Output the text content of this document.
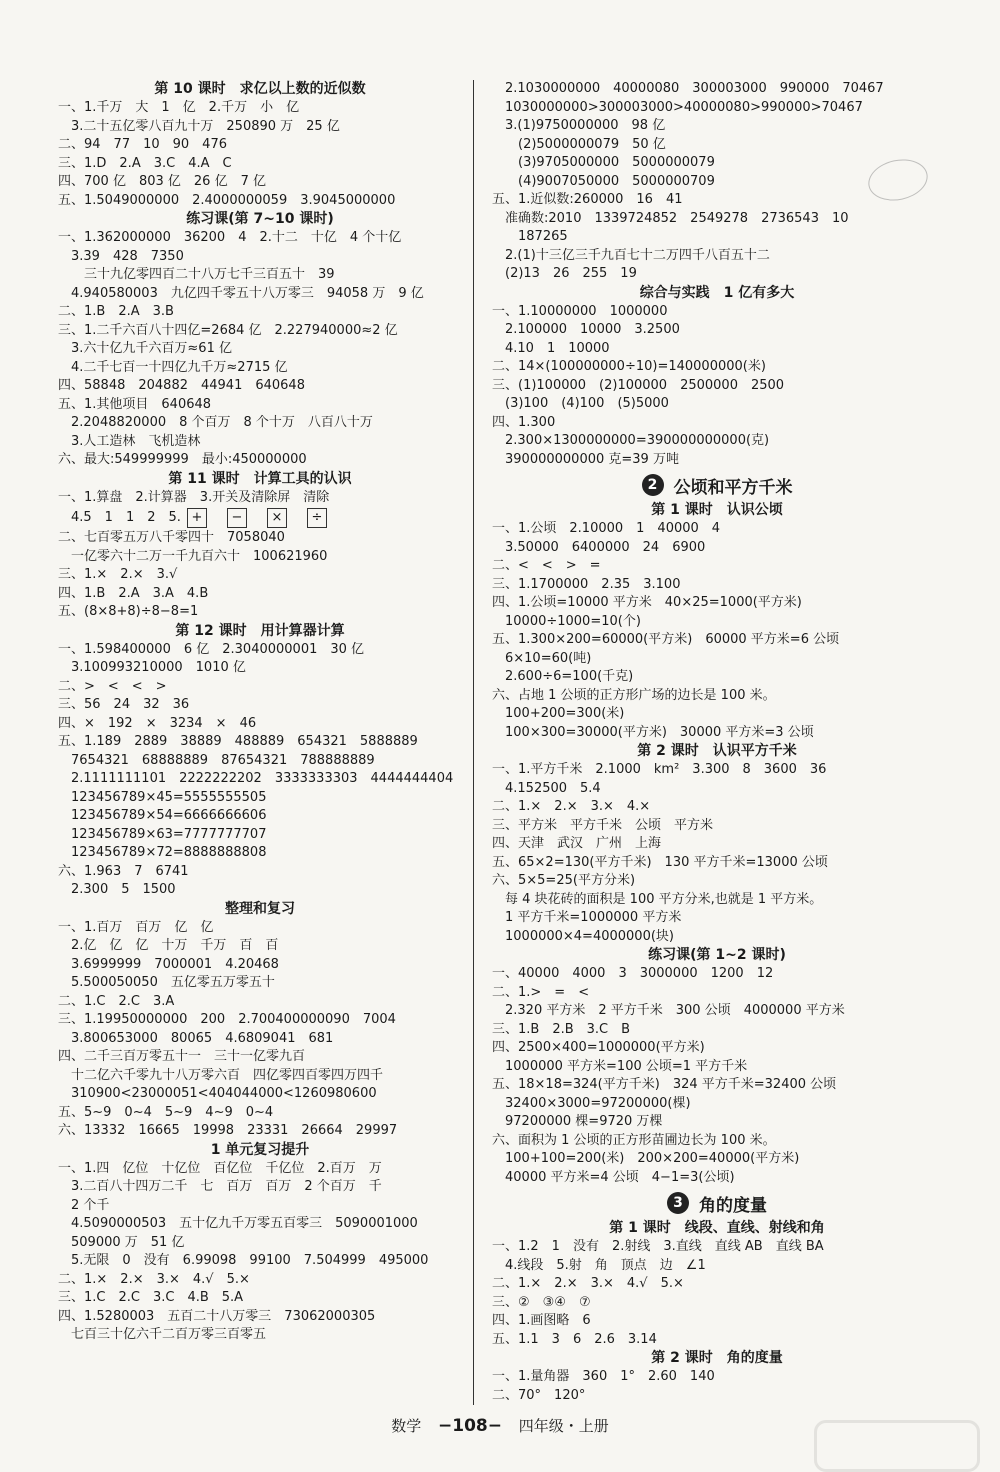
第 10 课时　求亿以上数的近似数
一、1.千万　大　1　亿　2.千万　小　亿
　3.二十五亿零八百九十万　250890 万　25 亿
二、94　77　10　90　476
三、1.D　2.A　3.C　4.A　C
四、700 亿　803 亿　26 亿　7 亿
五、1.5049000000　2.4000000059　3.9045000000
练习课(第 7~10 课时)
一、1.362000000　36200　4　2.十二　十亿　4 个十亿
　3.39　428　7350
　　三十九亿零四百二十八万七千三百五十　39
　4.940580003　九亿四千零五十八万零三　94058 万　9 亿
二、1.B　2.A　3.B
三、1.二千六百八十四亿=2684 亿　2.227940000≈2 亿
　3.六十亿九千六百万≈61 亿
　4.二千七百一十四亿九千万≈2715 亿
四、58848　204882　44941　640648
五、1.其他项目　640648
　2.2048820000　8 个百万　8 个十万　八百八十万
　3.人工造林　飞机造林
六、最大:549999999　最小:450000000
第 11 课时　计算工具的认识
一、1.算盘　2.计算器　3.开关及清除屏　清除
　4.5　1　1　2　5. +	−	×	÷
二、七百零五万八千零四十　7058040
　一亿零六十二万一千九百六十　100621960
三、1.×　2.×　3.√
四、1.B　2.A　3.A　4.B
五、(8×8+8)÷8−8=1
第 12 课时　用计算器计算
一、1.598400000　6 亿　2.3040000001　30 亿
　3.100993210000　1010 亿
二、>　<　<　>
三、56　24　32　36
四、×　192　×　3234　×　46
五、1.189　2889　38889　488889　654321　5888889
　7654321　68888889　87654321　788888889
　2.1111111101　2222222202　3333333303　4444444404
　123456789×45=5555555505
　123456789×54=6666666606
　123456789×63=7777777707
　123456789×72=8888888808
六、1.963　7　6741
　2.300　5　1500
整理和复习
一、1.百万　百万　亿　亿
　2.亿　亿　亿　十万　千万　百　百
　3.6999999　7000001　4.20468
　5.500050050　五亿零五万零五十
二、1.C　2.C　3.A
三、1.19950000000　200　2.700400000090　7004
　3.800653000　80065　4.6809041　681
四、二千三百万零五十一　三十一亿零九百
　十二亿六千零九十八万零六百　四亿零四百零四万四千
　310900<23000051<404044000<1260980600
五、5~9　0~4　5~9　4~9　0~4
六、13332　16665　19998　23331　26664　29997
1 单元复习提升
一、1.四　亿位　十亿位　百亿位　千亿位　2.百万　万
　3.二百八十四万二千　七　百万　百万　2 个百万　千
　2 个千
　4.5090000503　五十亿九千万零五百零三　5090001000
　509000 万　51 亿
　5.无限　0　没有　6.99098　99100　7.504999　495000
二、1.×　2.×　3.×　4.√　5.×
三、1.C　2.C　3.C　4.B　5.A
四、1.5280003　五百二十八万零三　73062000305
　七百三十亿六千二百万零三百零五
　2.1030000000　40000080　300003000　990000　70467
　1030000000>300003000>40000080>990000>70467
　3.(1)9750000000　98 亿
　　(2)5000000079　50 亿
　　(3)9705000000　5000000079
　　(4)9007050000　5000000709
五、1.近似数:260000　16　41
　准确数:2010　1339724852　2549278　2736543　10
　　187265
　2.(1)十三亿三千九百七十二万四千八百五十二
　(2)13　26　255　19
综合与实践　1 亿有多大
一、1.10000000　1000000
　2.100000　10000　3.2500
　4.10　1　10000
二、14×(100000000÷10)=140000000(米)
三、(1)100000　(2)100000　2500000　2500
　(3)100　(4)100　(5)5000
四、1.300
　2.300×1300000000=390000000000(克)
　390000000000 克=39 万吨
2 公顷和平方千米
第 1 课时　认识公顷
一、1.公顷　2.10000　1　40000　4
　3.50000　6400000　24　6900
二、<　<　>　=
三、1.1700000　2.35　3.100
四、1.公顷=10000 平方米　40×25=1000(平方米)
　10000÷1000=10(个)
五、1.300×200=60000(平方米)　60000 平方米=6 公顷
　6×10=60(吨)
　2.600÷6=100(千克)
六、占地 1 公顷的正方形广场的边长是 100 米。
　100+200=300(米)
　100×300=30000(平方米)　30000 平方米=3 公顷
第 2 课时　认识平方千米
一、1.平方千米　2.1000　km²　3.300　8　3600　36
　4.152500　5.4
二、1.×　2.×　3.×　4.×
三、平方米　平方千米　公顷　平方米
四、天津　武汉　广州　上海
五、65×2=130(平方千米)　130 平方千米=13000 公顷
六、5×5=25(平方分米)
　每 4 块花砖的面积是 100 平方分米,也就是 1 平方米。
　1 平方千米=1000000 平方米
　1000000×4=4000000(块)
练习课(第 1~2 课时)
一、40000　4000　3　3000000　1200　12
二、1.>　=　<
　2.320 平方米　2 平方千米　300 公顷　4000000 平方米
三、1.B　2.B　3.C　B
四、2500×400=1000000(平方米)
　1000000 平方米=100 公顷=1 平方千米
五、18×18=324(平方千米)　324 平方千米=32400 公顷
　32400×3000=97200000(棵)
　97200000 棵=9720 万棵
六、面积为 1 公顷的正方形苗圃边长为 100 米。
　100+100=200(米)　200×200=40000(平方米)
　40000 平方米=4 公顷　4−1=3(公顷)
3 角的度量
第 1 课时　线段、直线、射线和角
一、1.2　1　没有　2.射线　3.直线　直线 AB　直线 BA
　4.线段　5.射　角　顶点　边　∠1
二、1.×　2.×　3.×　4.√　5.×
三、②　③④　⑦
四、1.画图略　6
五、1.1　3　6　2.6　3.14
第 2 课时　角的度量
一、1.量角器　360　1°　2.60　140
二、70°　120°
数学 −108− 四年级・上册
